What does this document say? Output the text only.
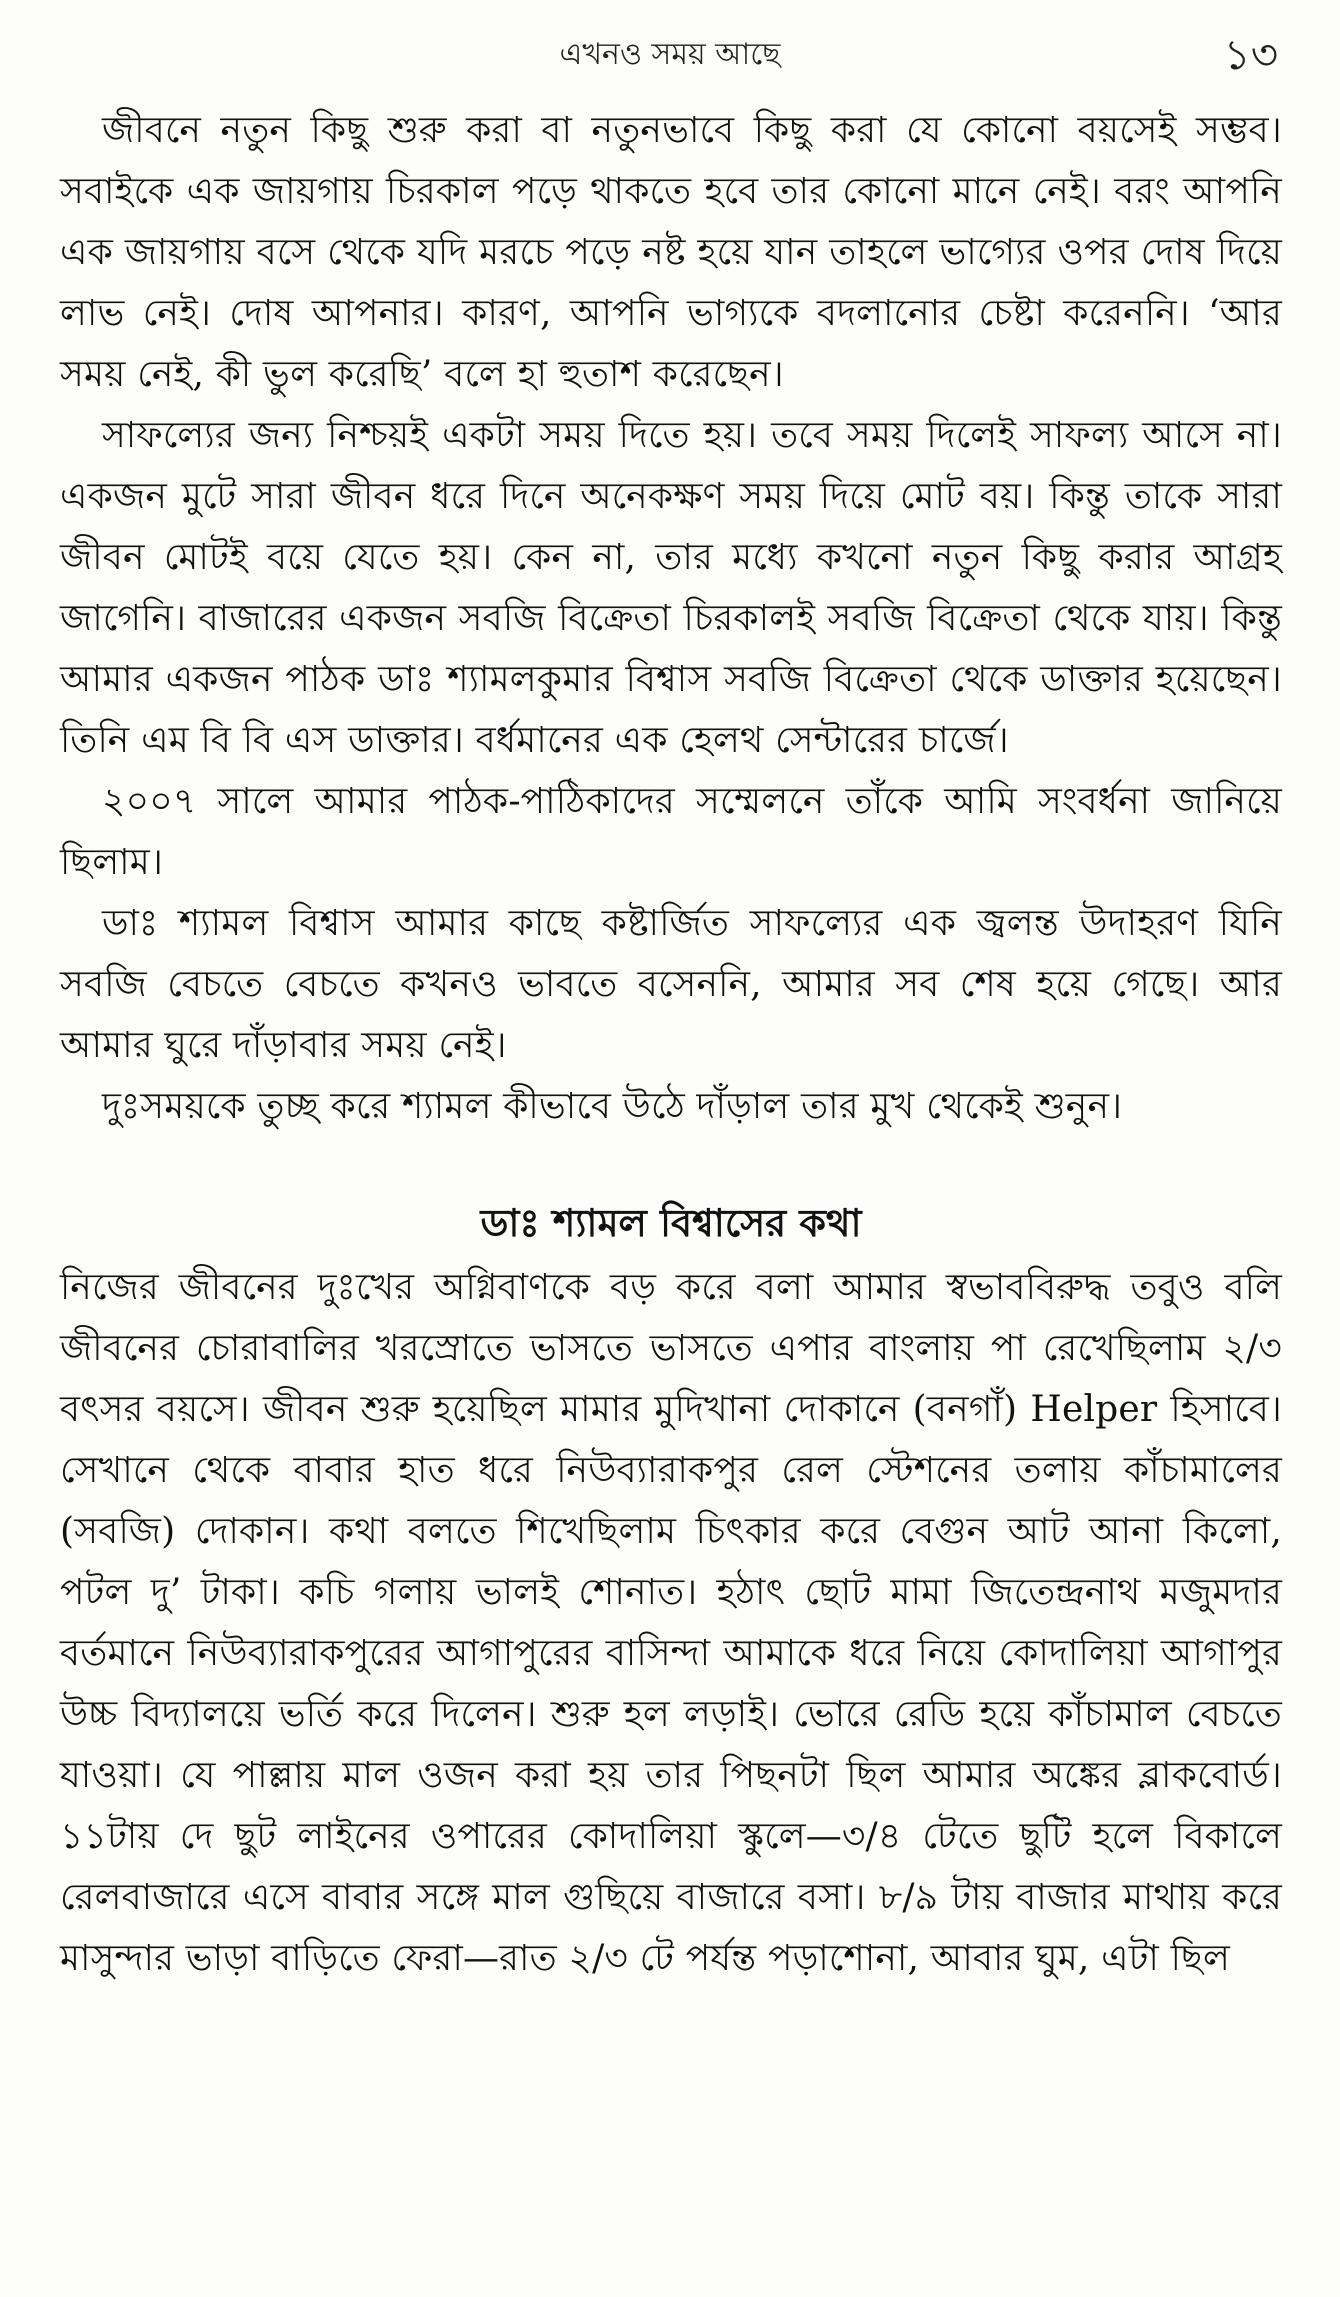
এখনও সময় আছে	১৩

জীবনে নতুন কিছু শুরু করা বা নতুনভাবে কিছু করা যে কোনো বয়সেই সম্ভব। সবাইকে এক জায়গায় চিরকাল পড়ে থাকতে হবে তার কোনো মানে নেই। বরং আপনি এক জায়গায় বসে থেকে যদি মরচে পড়ে নষ্ট হয়ে যান তাহলে ভাগ্যের ওপর দোষ দিয়ে লাভ নেই। দোষ আপনার। কারণ, আপনি ভাগ্যকে বদলানোর চেষ্টা করেননি। ‘আর সময় নেই, কী ভুল করেছি’ বলে হা হুতাশ করেছেন।

সাফল্যের জন্য নিশ্চয়ই একটা সময় দিতে হয়। তবে সময় দিলেই সাফল্য আসে না। একজন মুটে সারা জীবন ধরে দিনে অনেকক্ষণ সময় দিয়ে মোট বয়। কিন্তু তাকে সারা জীবন মোটই বয়ে যেতে হয়। কেন না, তার মধ্যে কখনো নতুন কিছু করার আগ্রহ জাগেনি। বাজারের একজন সবজি বিক্রেতা চিরকালই সবজি বিক্রেতা থেকে যায়। কিন্তু আমার একজন পাঠক ডাঃ শ্যামলকুমার বিশ্বাস সবজি বিক্রেতা থেকে ডাক্তার হয়েছেন। তিনি এম বি বি এস ডাক্তার। বর্ধমানের এক হেলথ সেন্টারের চার্জে।

২০০৭ সালে আমার পাঠক-পাঠিকাদের সম্মেলনে তাঁকে আমি সংবর্ধনা জানিয়ে ছিলাম।

ডাঃ শ্যামল বিশ্বাস আমার কাছে কষ্টার্জিত সাফল্যের এক জ্বলন্ত উদাহরণ যিনি সবজি বেচতে বেচতে কখনও ভাবতে বসেননি, আমার সব শেষ হয়ে গেছে। আর আমার ঘুরে দাঁড়াবার সময় নেই।

দুঃসময়কে তুচ্ছ করে শ্যামল কীভাবে উঠে দাঁড়াল তার মুখ থেকেই শুনুন।

ডাঃ শ্যামল বিশ্বাসের কথা

নিজের জীবনের দুঃখের অগ্নিবাণকে বড় করে বলা আমার স্বভাববিরুদ্ধ তবুও বলি জীবনের চোরাবালির খরস্রোতে ভাসতে ভাসতে এপার বাংলায় পা রেখেছিলাম ২/৩ বৎসর বয়সে। জীবন শুরু হয়েছিল মামার মুদিখানা দোকানে (বনগাঁ) Helper হিসাবে। সেখানে থেকে বাবার হাত ধরে নিউব্যারাকপুর রেল স্টেশনের তলায় কাঁচামালের (সবজি) দোকান। কথা বলতে শিখেছিলাম চিৎকার করে বেগুন আট আনা কিলো, পটল দু’ টাকা। কচি গলায় ভালই শোনাত। হঠাৎ ছোট মামা জিতেন্দ্রনাথ মজুমদার বর্তমানে নিউব্যারাকপুরের আগাপুরের বাসিন্দা আমাকে ধরে নিয়ে কোদালিয়া আগাপুর উচ্চ বিদ্যালয়ে ভর্তি করে দিলেন। শুরু হল লড়াই। ভোরে রেডি হয়ে কাঁচামাল বেচতে যাওয়া। যে পাল্লায় মাল ওজন করা হয় তার পিছনটা ছিল আমার অঙ্কের ব্লাকবোর্ড। ১১টায় দে ছুট লাইনের ওপারের কোদালিয়া স্কুলে—৩/৪ টেতে ছুটি হলে বিকালে রেলবাজারে এসে বাবার সঙ্গে মাল গুছিয়ে বাজারে বসা। ৮/৯ টায় বাজার মাথায় করে মাসুন্দার ভাড়া বাড়িতে ফেরা—রাত ২/৩ টে পর্যন্ত পড়াশোনা, আবার ঘুম, এটা ছিল
